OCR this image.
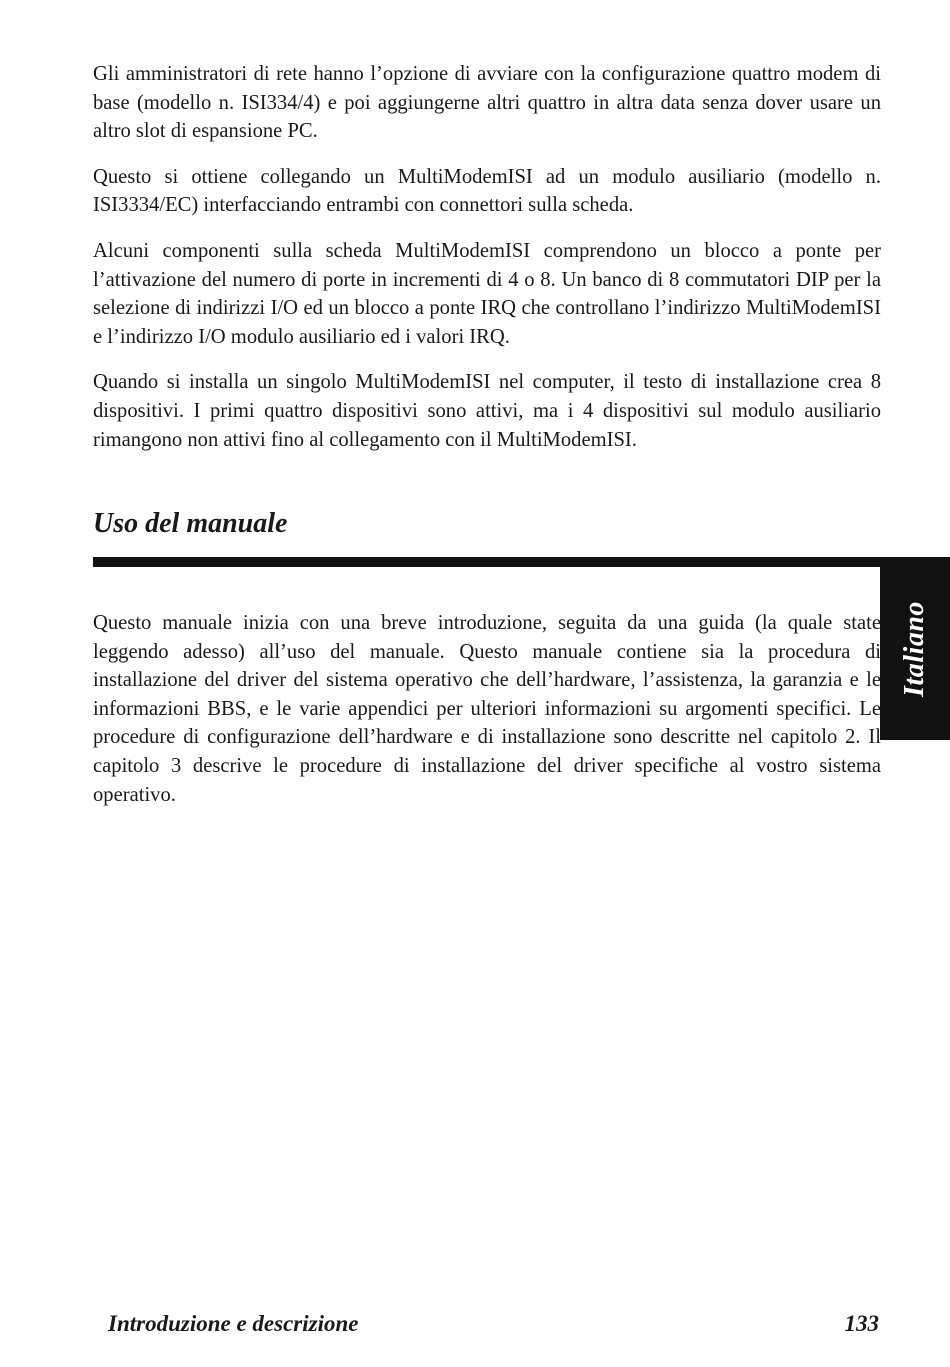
Gli amministratori di rete hanno l’opzione di avviare con la configurazione quattro modem di base (modello n. ISI334/4) e poi aggiungerne altri quattro in altra data senza dover usare un altro slot di espansione PC.

Questo si ottiene collegando un MultiModemISI ad un modulo ausiliario (modello n. ISI3334/EC) interfacciando entrambi con connettori sulla scheda.

Alcuni componenti sulla scheda MultiModemISI comprendono un blocco a ponte per l’attivazione del numero di porte in incrementi di 4 o 8. Un banco di 8 commutatori DIP per la selezione di indirizzi I/O ed un blocco a ponte IRQ che controllano l’indirizzo MultiModemISI e l’indirizzo I/O modulo ausiliario ed i valori IRQ.

Quando si installa un singolo MultiModemISI nel computer, il testo di installazione crea 8 dispositivi. I primi quattro dispositivi sono attivi, ma i 4 dispositivi sul modulo ausiliario rimangono non attivi fino al collegamento con il MultiModemISI.

Uso del manuale
Italiano

Questo manuale inizia con una breve introduzione, seguita da una guida (la quale state leggendo adesso) all’uso del manuale. Questo manuale contiene sia la procedura di installazione del driver del sistema operativo che dell’hardware, l’assistenza, la garanzia e le informazioni BBS, e le varie appendici per ulteriori informazioni su argomenti specifici. Le procedure di configurazione dell’hardware e di installazione sono descritte nel capitolo 2. Il capitolo 3 descrive le procedure di installazione del driver specifiche al vostro sistema operativo.

Introduzione e descrizione	133
